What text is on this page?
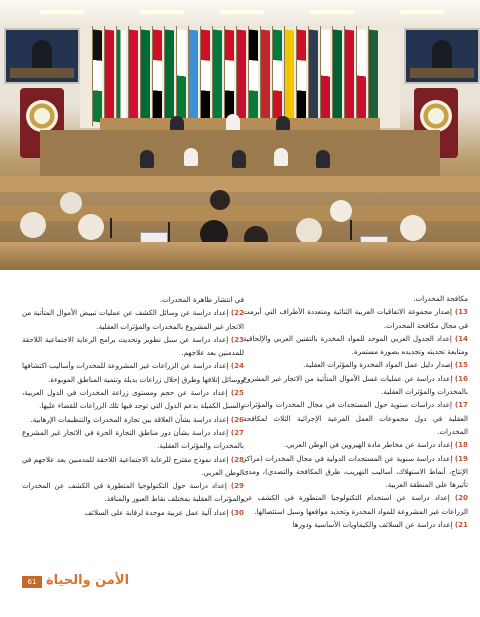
مكافحة المخدرات.

13) إصدار مجموعة الاتفاقيات العربية الثنائية ومتعددة الأطراف التي أبرمت في مجال مكافحة المخدرات.

14) إعداد الجدول العربي الموحد للمواد المخدرة بالتقنين العربي والإلحاقية ومتابعة تحديثه وتجديده بصورة مستمرة.

15) إصدار دليل عمل المواد المخدرة والمؤثرات العقلية.

16) إعداد دراسة عن عمليات غسل الأموال المتأتية من الاتجار غير المشروع بالمخدرات والمؤثرات العقلية.

17) إعداد دراسات سنوية حول المستجدات في مجال المخدرات والمؤثرات العقلية في دول مجموعات العمل الفرعية الإجرائية الثلاث لمكافحة المخدرات.

18) إعداد دراسة عن مخاطر مادة الهيروين في الوطن العربي.

19) إعداد دراسة سنوية عن المستجدات الدولية في مجال المخدرات (مراكز الإنتاج، أنماط الاستهلاك، أساليب التهريب، طرق المكافحة والتصدي)، ومدى تأثيرها على المنطقة العربية.

20) إعداد دراسة عن استخدام التكنولوجيا المتطورة في الكشف عن الزراعات غير المشروعة للمواد المخدرة وتحديد مواقعها وسبل استئصالها.

21) إعداد دراسة عن السلائف والكيماويات الأساسية ودورها

في انتشار ظاهرة المخدرات.

22) إعداد دراسة عن وسائل الكشف عن عمليات تبييض الأموال المتأتية من الاتجار غير المشروع بالمخدرات والمؤثرات العقلية.

23) إعداد دراسة عن سبل تطوير وتحديث برامج الرعاية الاجتماعية اللاحقة للمدمنين بعد علاجهم.

24) إعداد دراسة عن الزراعات غير المشروعة للمخدرات وأساليب اكتشافها ووسائل إتلافها وطرق إحلال زراعات بديلة وتنمية المناطق الموبوءة.

25) إعداد دراسة عن حجم ومستوى زراعة المخدرات في الدول العربية، والسبل الكفيلة بدعم الدول التي توجد فيها تلك الزراعات للقضاء عليها.

26) إعداد دراسة بشأن العلاقة بين تجارة المخدرات والتنظيمات الإرهابية.

27) إعداد دراسة بشأن دور مناطق التجارة الحرة في الاتجار غير المشروع بالمخدرات والمؤثرات العقلية.

28) إعداد نموذج مقترح للرعاية الاجتماعية اللاحقة للمدمنين بعد علاجهم في الوطن العربي.

29) إعداد دراسة حول التكنولوجيا المتطورة في الكشف عن المخدرات والمؤثرات العقلية بمختلف نقاط العبور والمنافذ.

30) إعداد آلية عمل عربية موحدة لرقابة على السلائف

61 الأمن والحياة
